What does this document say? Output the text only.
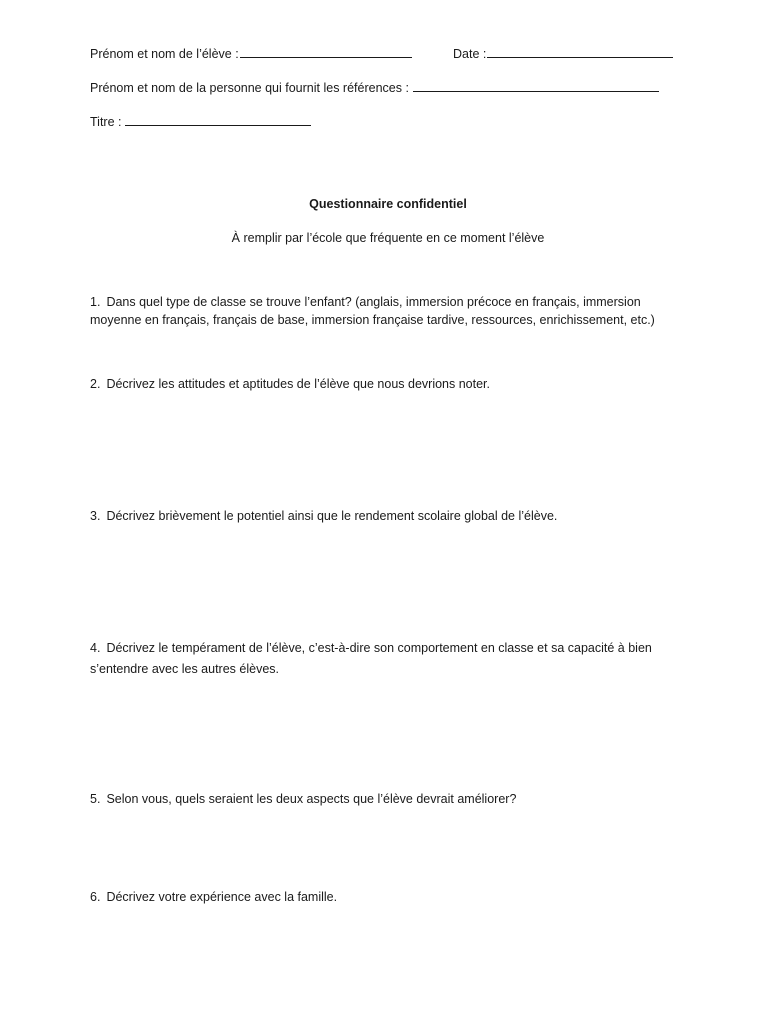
Prénom et nom de l’élève :	Date :
Prénom et nom de la personne qui fournit les références :
Titre :
Questionnaire confidentiel
À remplir par l’école que fréquente en ce moment l’élève
1. Dans quel type de classe se trouve l’enfant? (anglais, immersion précoce en français, immersion moyenne en français, français de base, immersion française tardive, ressources, enrichissement, etc.)
2. Décrivez les attitudes et aptitudes de l’élève que nous devrions noter.
3. Décrivez brièvement le potentiel ainsi que le rendement scolaire global de l’élève.
4. Décrivez le tempérament de l’élève, c’est-à-dire son comportement en classe et sa capacité à bien s’entendre avec les autres élèves.
5. Selon vous, quels seraient les deux aspects que l’élève devrait améliorer?
6. Décrivez votre expérience avec la famille.
